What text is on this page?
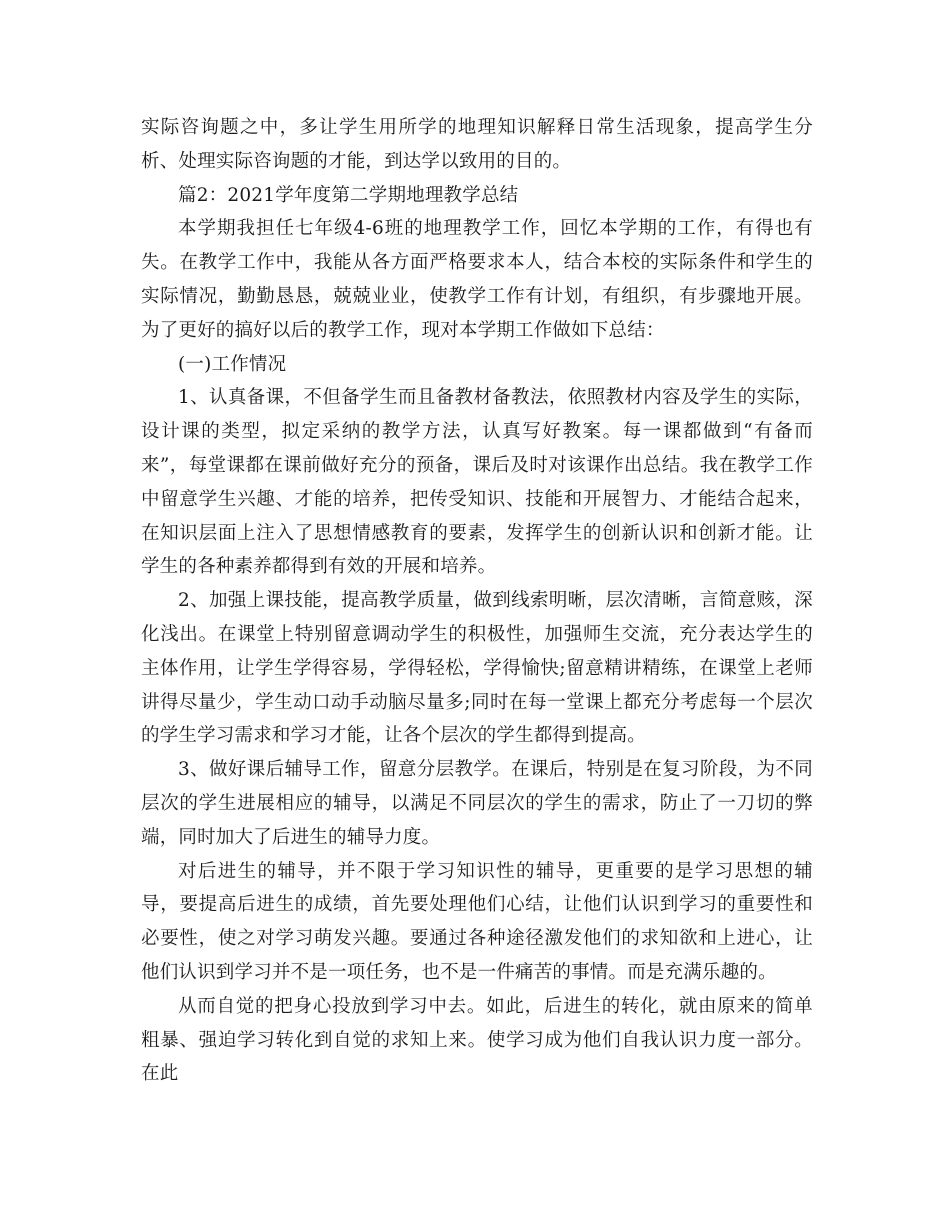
实际咨询题之中，多让学生用所学的地理知识解释日常生活现象，提高学生分析、处理实际咨询题的才能，到达学以致用的目的。

篇2：2021学年度第二学期地理教学总结

本学期我担任七年级4-6班的地理教学工作，回忆本学期的工作，有得也有失。在教学工作中，我能从各方面严格要求本人，结合本校的实际条件和学生的实际情况，勤勤恳恳，兢兢业业，使教学工作有计划，有组织，有步骤地开展。为了更好的搞好以后的教学工作，现对本学期工作做如下总结：

(一)工作情况

1、认真备课，不但备学生而且备教材备教法，依照教材内容及学生的实际，设计课的类型，拟定采纳的教学方法，认真写好教案。每一课都做到“有备而来”，每堂课都在课前做好充分的预备，课后及时对该课作出总结。我在教学工作中留意学生兴趣、才能的培养，把传受知识、技能和开展智力、才能结合起来，在知识层面上注入了思想情感教育的要素，发挥学生的创新认识和创新才能。让学生的各种素养都得到有效的开展和培养。

2、加强上课技能，提高教学质量，做到线索明晰，层次清晰，言简意赅，深化浅出。在课堂上特别留意调动学生的积极性，加强师生交流，充分表达学生的主体作用，让学生学得容易，学得轻松，学得愉快;留意精讲精练，在课堂上老师讲得尽量少，学生动口动手动脑尽量多;同时在每一堂课上都充分考虑每一个层次的学生学习需求和学习才能，让各个层次的学生都得到提高。

3、做好课后辅导工作，留意分层教学。在课后，特别是在复习阶段，为不同层次的学生进展相应的辅导，以满足不同层次的学生的需求，防止了一刀切的弊端，同时加大了后进生的辅导力度。

对后进生的辅导，并不限于学习知识性的辅导，更重要的是学习思想的辅导，要提高后进生的成绩，首先要处理他们心结，让他们认识到学习的重要性和必要性，使之对学习萌发兴趣。要通过各种途径激发他们的求知欲和上进心，让他们认识到学习并不是一项任务，也不是一件痛苦的事情。而是充满乐趣的。

从而自觉的把身心投放到学习中去。如此，后进生的转化，就由原来的简单粗暴、强迫学习转化到自觉的求知上来。使学习成为他们自我认识力度一部分。在此
